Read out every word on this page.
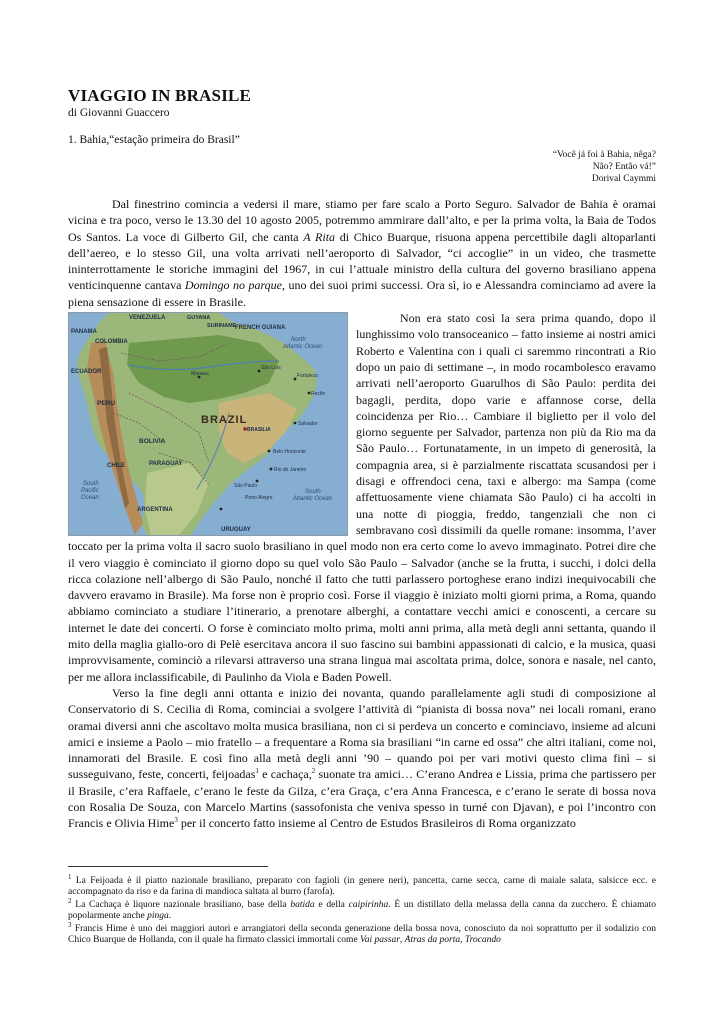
VIAGGIO IN BRASILE
di Giovanni Guaccero
1. Bahia,“estação primeira do Brasil”
“Você já foi à Bahia, nêga?
Não? Então vá!”
Dorival Caymmi

Dal finestrino comincia a vedersi il mare, stiamo per fare scalo a Porto Seguro. Salvador de Bahia è oramai vicina e tra poco, verso le 13.30 del 10 agosto 2005, potremmo ammirare dall’alto, e per la prima volta, la Baia de Todos Os Santos. La voce di Gilberto Gil, che canta A Rita di Chico Buarque, risuona appena percettibile dagli altoparlanti dell’aereo, e lo stesso Gil, una volta arrivati nell’aeroporto di Salvador, “ci accoglie” in un video, che trasmette ininterrottamente le storiche immagini del 1967, in cui l’attuale ministro della cultura del governo brasiliano appena venticinquenne cantava Domingo no parque, uno dei suoi primi successi. Ora sì, io e Alessandra cominciamo ad avere la piena sensazione di essere in Brasile.

VENEZUELA	GUYANA
SURINAME
FRENCH GUIANA
PANAMA
COLOMBIA
ECUADOR
PERU
BOLIVIA
BRAZIL
PARAGUAY
CHILE
ARGENTINA
URUGUAY
Porto Alegre
BRASILIA
Belo Horizonte
Rio de Janeiro
São Paulo
Salvador
Recife
Fortaleza
São Luís
Manaus
North Atlantic Ocean
South Atlantic Ocean
South Pacific Ocean

Non era stato così la sera prima quando, dopo il lunghissimo volo transoceanico – fatto insieme ai nostri amici Roberto e Valentina con i quali ci saremmo rincontrati a Rio dopo un paio di settimane –, in modo rocambolesco eravamo arrivati nell’aeroporto Guarulhos di São Paulo: perdita dei bagagli, perdita, dopo varie e affannose corse, della coincidenza per Rio… Cambiare il biglietto per il volo del giorno seguente per Salvador, partenza non più da Rio ma da São Paulo… Fortunatamente, in un impeto di generosità, la compagnia area, si è parzialmente riscattata scusandosi per i disagi e offrendoci cena, taxi e albergo: ma Sampa (come affettuosamente viene chiamata São Paulo) ci ha accolti in una notte di pioggia, freddo, tangenziali che non ci sembravano così dissimili da quelle romane: insomma, l’aver toccato per la prima volta il sacro suolo brasiliano in quel modo non era certo come lo avevo immaginato. Potrei dire che il vero viaggio è cominciato il giorno dopo su quel volo São Paulo – Salvador (anche se la frutta, i succhi, i dolci della ricca colazione nell’albergo di São Paulo, nonché il fatto che tutti parlassero portoghese erano indizi inequivocabili che davvero eravamo in Brasile). Ma forse non è proprio così. Forse il viaggio è iniziato molti giorni prima, a Roma, quando abbiamo cominciato a studiare l’itinerario, a prenotare alberghi, a contattare vecchi amici e conoscenti, a cercare su internet le date dei concerti. O forse è cominciato molto prima, molti anni prima, alla metà degli anni settanta, quando il mito della maglia giallo-oro di Pelè esercitava ancora il suo fascino sui bambini appassionati di calcio, e la musica, quasi improvvisamente, cominciò a rilevarsi attraverso una strana lingua mai ascoltata prima, dolce, sonora e nasale, nel canto, per me allora inclassificabile, di Paulinho da Viola e Baden Powell.

Verso la fine degli anni ottanta e inizio dei novanta, quando parallelamente agli studi di composizione al Conservatorio di S. Cecilia di Roma, cominciai a svolgere l’attività di “pianista di bossa nova” nei locali romani, erano oramai diversi anni che ascoltavo molta musica brasiliana, non ci si perdeva un concerto e cominciavo, insieme ad alcuni amici e insieme a Paolo – mio fratello – a frequentare a Roma sia brasiliani “in carne ed ossa” che altri italiani, come noi, innamorati del Brasile. E così fino alla metà degli anni ’90 – quando poi per vari motivi questo clima finì – si susseguivano, feste, concerti, feijoadas$^1$ e cachaça,$^2$ suonate tra amici… C’erano Andrea e Lissia, prima che partissero per il Brasile, c’era Raffaele, c’erano le feste da Gilza, c’era Graça, c’era Anna Francesca, e c’erano le serate di bossa nova con Rosalia De Souza, con Marcelo Martins (sassofonista che veniva spesso in turné con Djavan), e poi l’incontro con Francis e Olivia Hime$^3$ per il concerto fatto insieme al Centro de Estudos Brasileiros di Roma organizzato

$^1$ La Feijoada è il piatto nazionale brasiliano, preparato con fagioli (in genere neri), pancetta, carne secca, carne di maiale salata, salsicce ecc. e accompagnato da riso e da farina di mandioca saltata al burro (farofa).
$^2$ La Cachaça è liquore nazionale brasiliano, base della batida e della caipirinha. È un distillato della melassa della canna da zucchero. È chiamato popolarmente anche pinga.
$^3$ Francis Hime è uno dei maggiori autori e arrangiatori della seconda generazione della bossa nova, conosciuto da noi soprattutto per il sodalizio con Chico Buarque de Hollanda, con il quale ha firmato classici immortali come Vai passar, Atras da porta, Trocando
